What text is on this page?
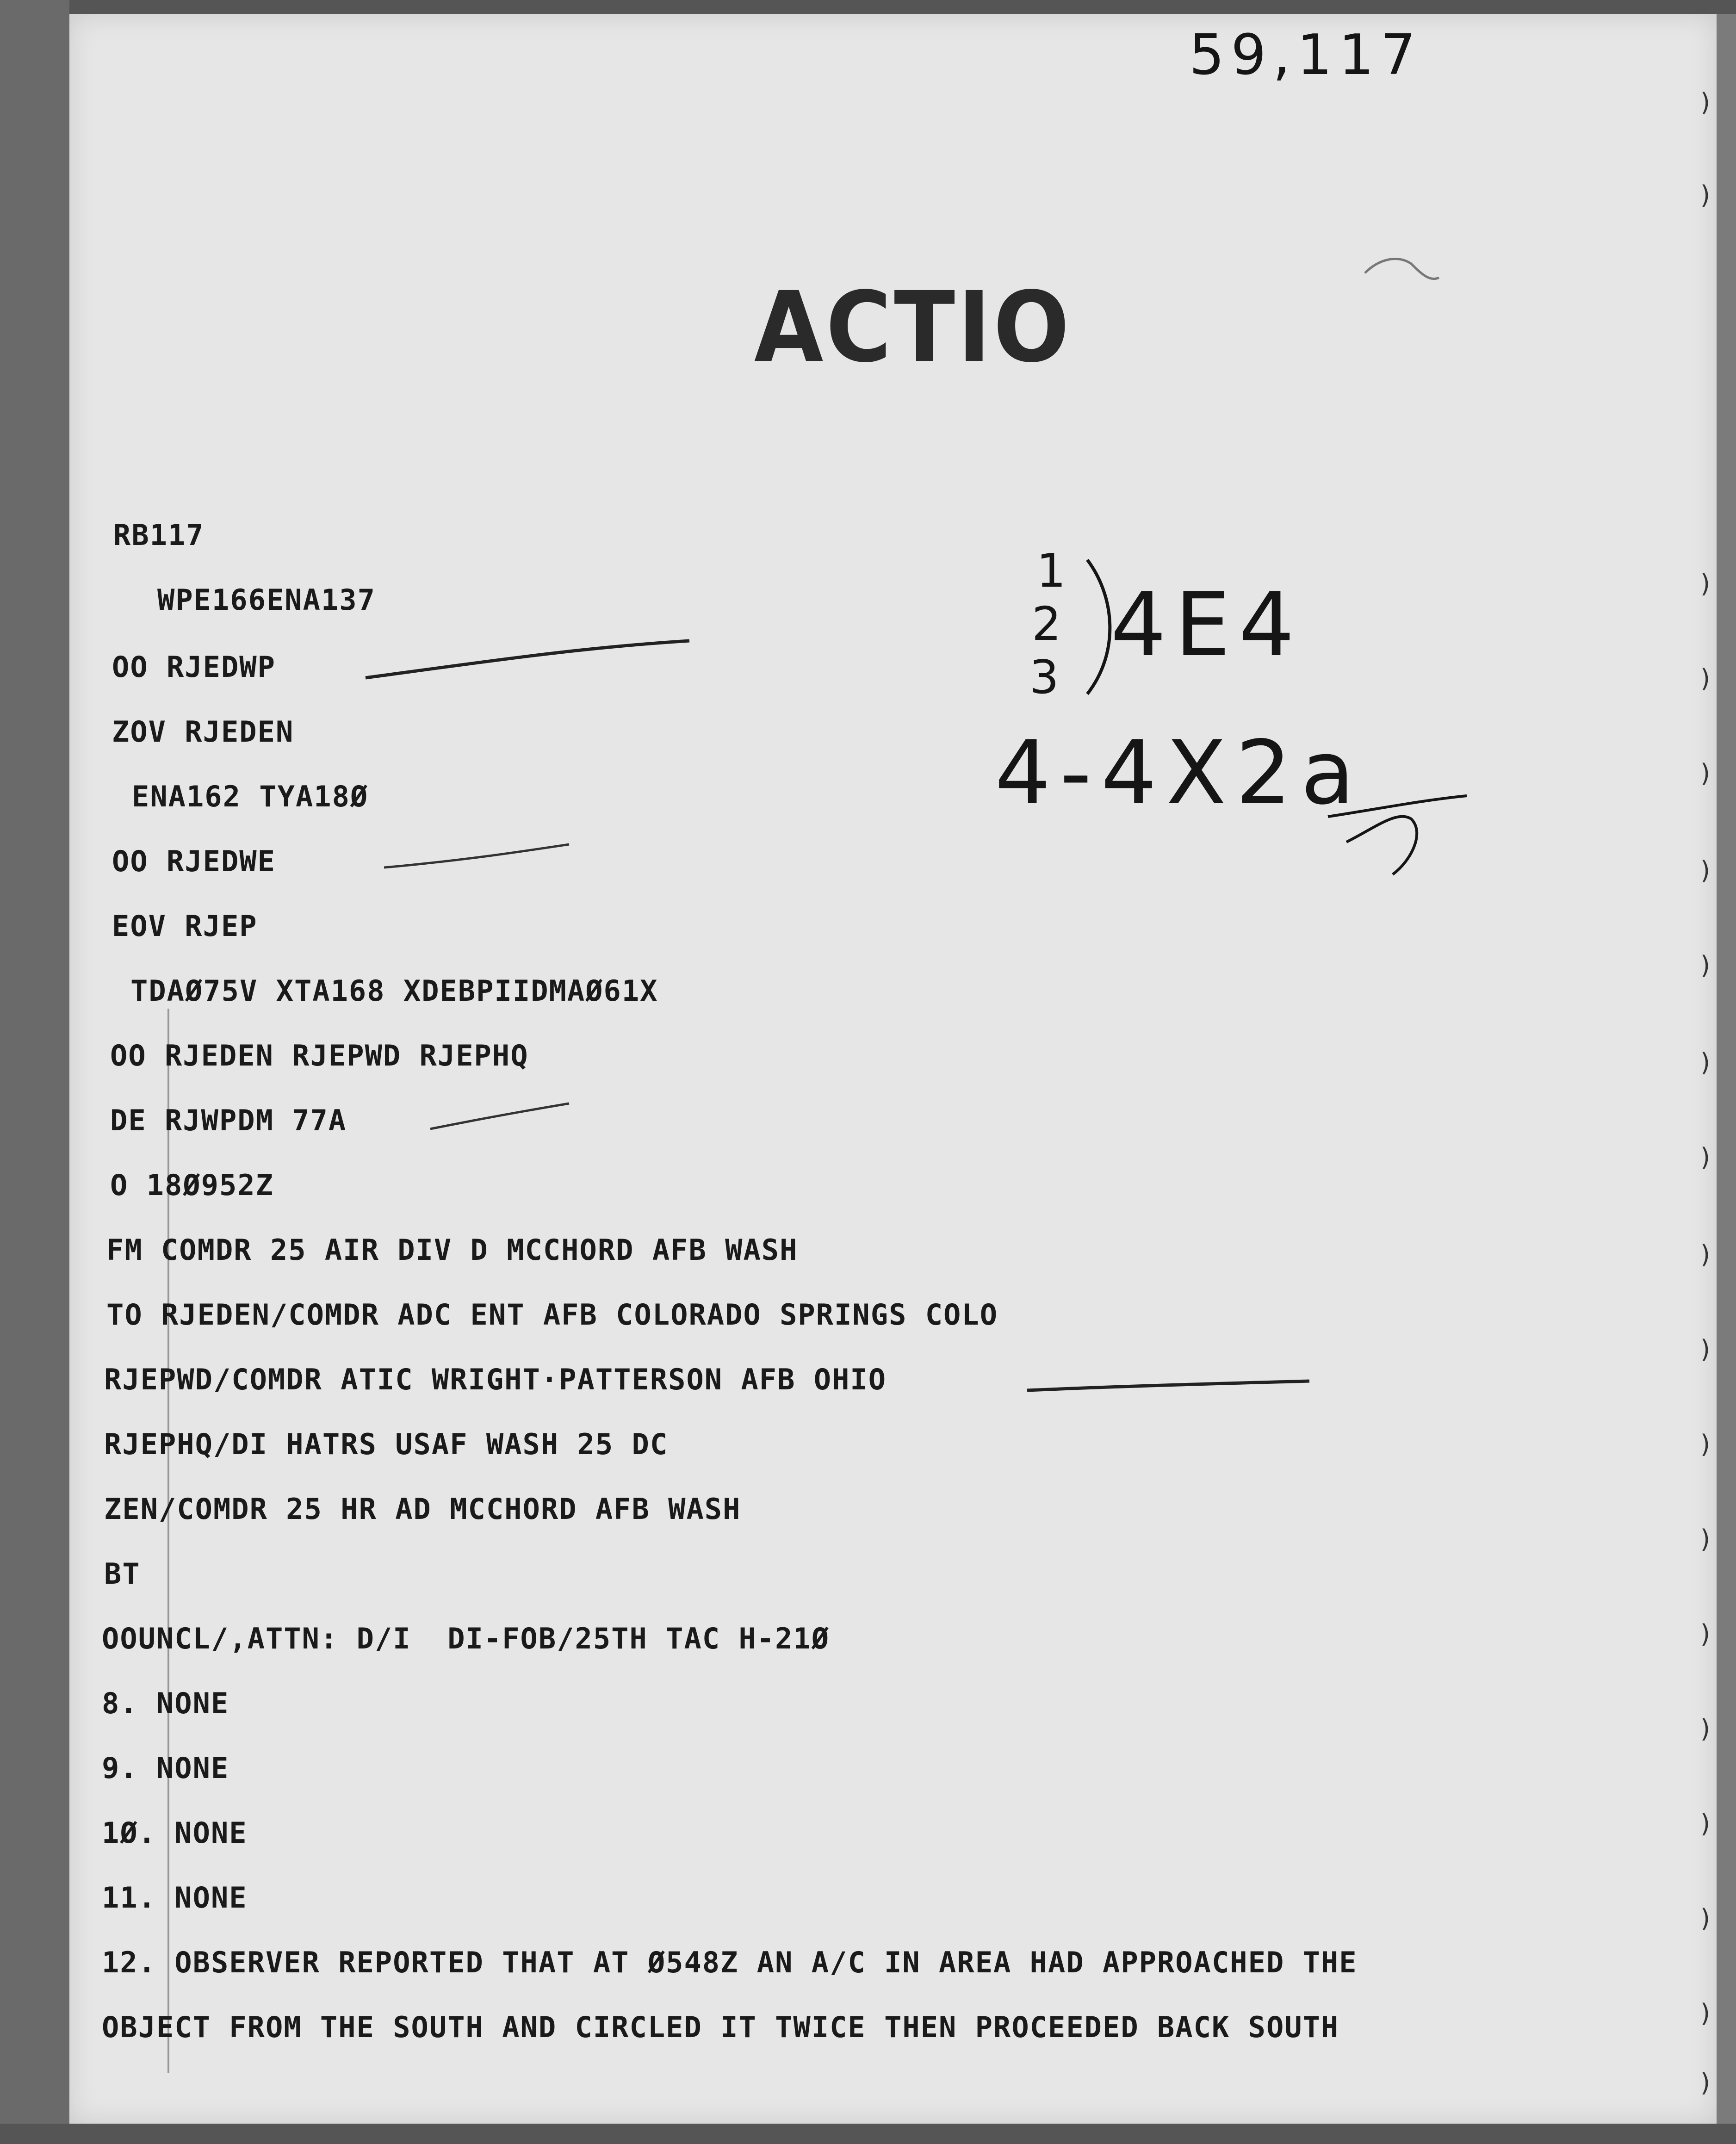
59,117
ACTIO
1
2
3
4E4
4-4X2a
RB117
WPE166ENA137
OO RJEDWP
ZOV RJEDEN
ENA162 TYA18Ø
OO RJEDWE
EOV RJEP
TDAØ75V XTA168 XDEBPIIDMAØ61X
OO RJEDEN RJEPWD RJEPHQ
DE RJWPDM 77A
O 18Ø952Z
FM COMDR 25 AIR DIV D MCCHORD AFB WASH
TO RJEDEN/COMDR ADC ENT AFB COLORADO SPRINGS COLO
RJEPWD/COMDR ATIC WRIGHT·PATTERSON AFB OHIO
RJEPHQ/DI HATRS USAF WASH 25 DC
ZEN/COMDR 25 HR AD MCCHORD AFB WASH
BT
OOUNCL/,ATTN: D/I  DI-FOB/25TH TAC H-21Ø
8. NONE
9. NONE
1Ø. NONE
11. NONE
12. OBSERVER REPORTED THAT AT Ø548Z AN A/C IN AREA HAD APPROACHED THE
OBJECT FROM THE SOUTH AND CIRCLED IT TWICE THEN PROCEEDED BACK SOUTH
)
)
)
)
)
)
)
)
)
)
)
)
)
)
)
)
)
)
)
